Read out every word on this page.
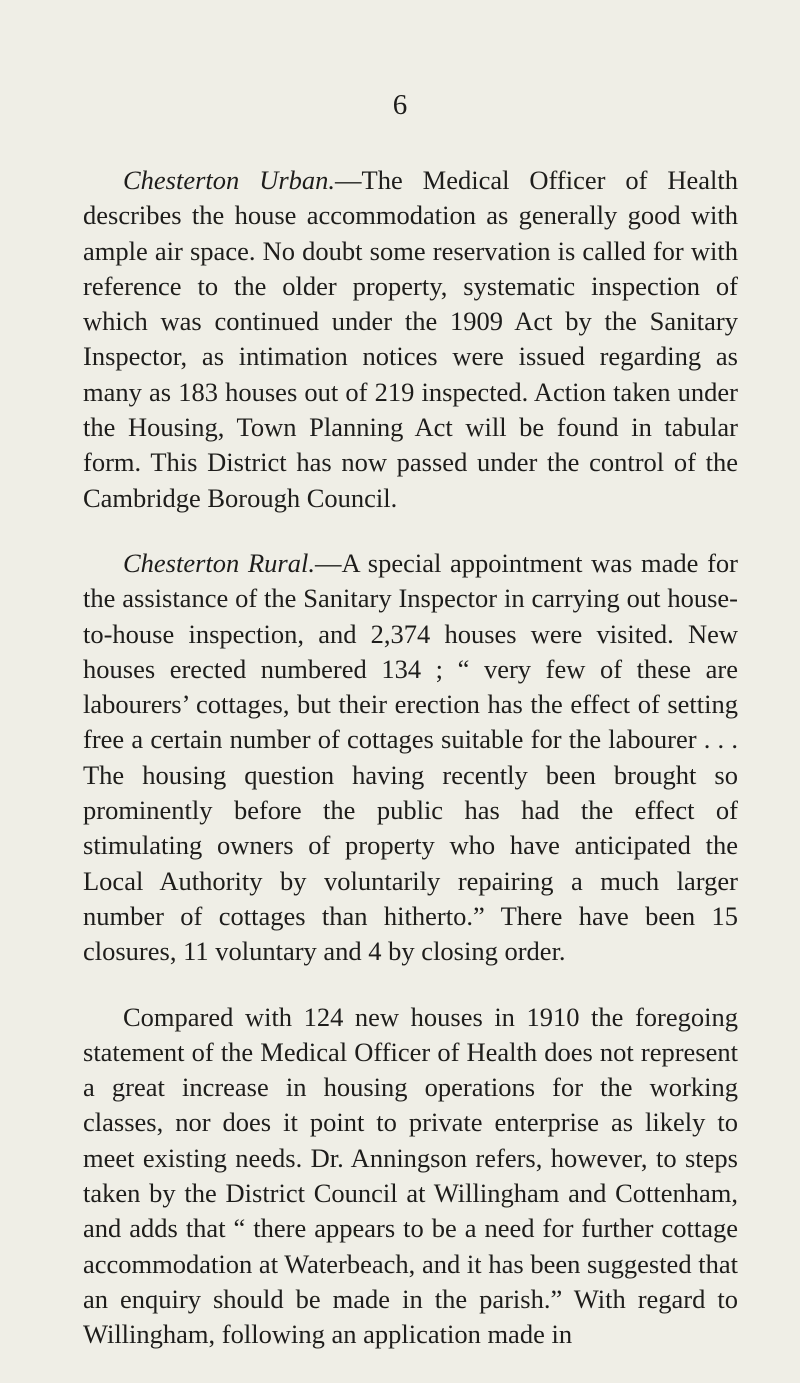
6

Chesterton Urban.—The Medical Officer of Health describes the house accommodation as generally good with ample air space. No doubt some reservation is called for with reference to the older property, systematic inspection of which was continued under the 1909 Act by the Sanitary Inspector, as intimation notices were issued regarding as many as 183 houses out of 219 inspected. Action taken under the Housing, Town Planning Act will be found in tabular form. This District has now passed under the control of the Cambridge Borough Council.

Chesterton Rural.—A special appointment was made for the assistance of the Sanitary Inspector in carrying out house-to-house inspection, and 2,374 houses were visited. New houses erected numbered 134 ; “ very few of these are labourers’ cottages, but their erection has the effect of setting free a certain number of cottages suitable for the labourer . . . The housing question having recently been brought so prominently before the public has had the effect of stimulating owners of property who have anticipated the Local Authority by voluntarily repairing a much larger number of cottages than hitherto.” There have been 15 closures, 11 voluntary and 4 by closing order.

Compared with 124 new houses in 1910 the foregoing statement of the Medical Officer of Health does not represent a great increase in housing operations for the working classes, nor does it point to private enterprise as likely to meet existing needs. Dr. Anningson refers, however, to steps taken by the District Council at Willingham and Cottenham, and adds that “ there appears to be a need for further cottage accommodation at Waterbeach, and it has been suggested that an enquiry should be made in the parish.” With regard to Willingham, following an application made in
